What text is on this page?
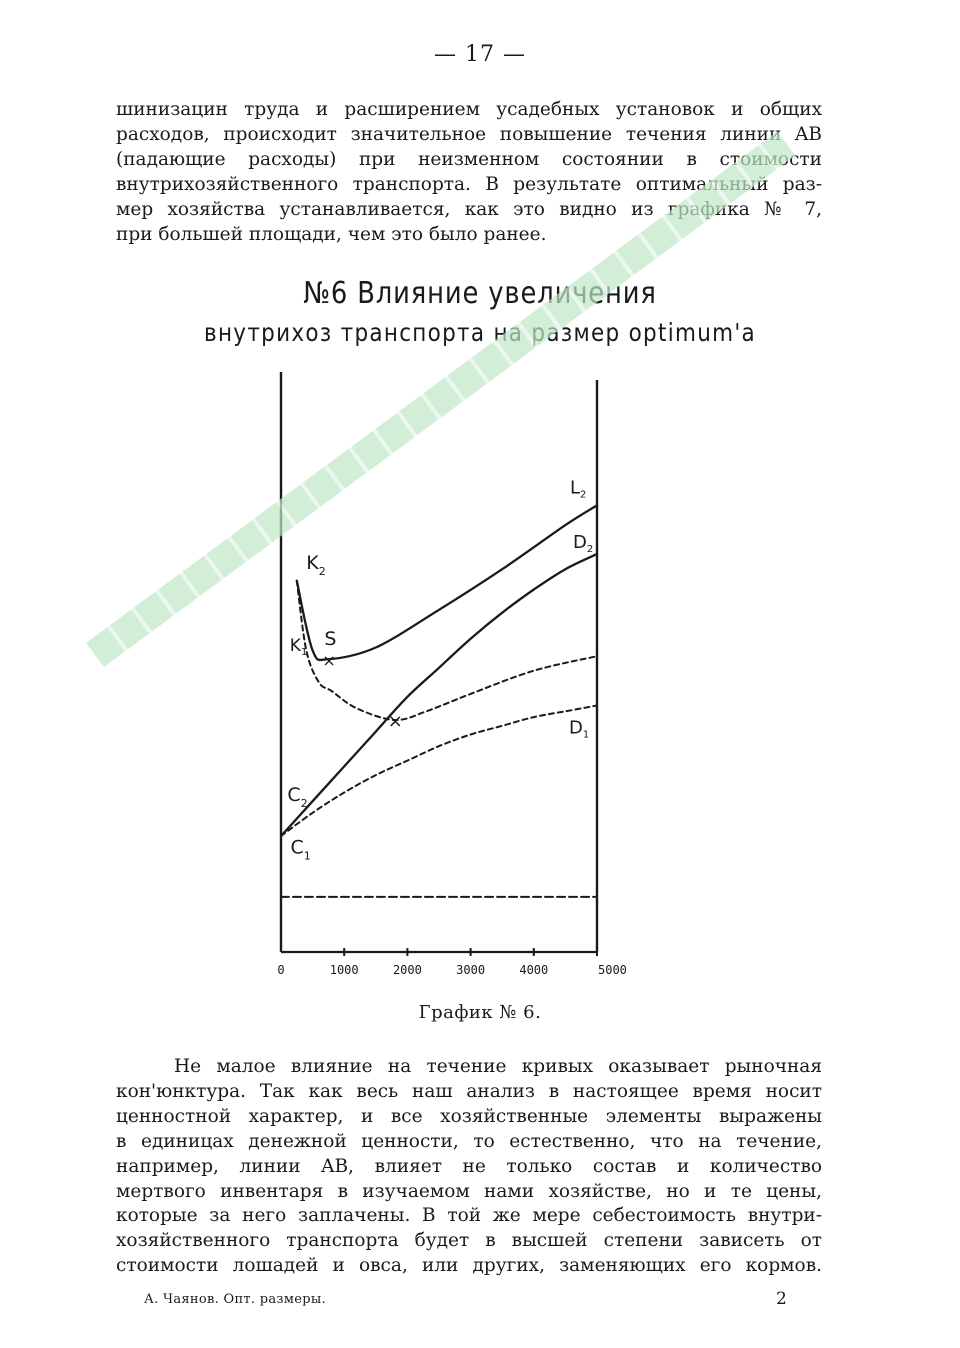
— 17 —
шинизацин труда и расширением усадебных установок и общих
расходов, происходит значительное повышение течения линии AB
(падающие расходы) при неизменном состоянии в стоимости
внутрихозяйственного транспорта. В результате оптимальный раз-
мер хозяйства устанавливается, как это видно из графика № 7,
при большей площади, чем это было ранее.
№6 Влияние увеличения
внутрихоз транспорта на размер optimum'a
0	1000	2000	3000	4000	5000
$L_2$
$D_2$
$D_1$
$K_1$ ×
S
×
$K_2$
$C_2$
$C_1$
График № 6.
Не малое влияние на течение кривых оказывает рыночная
кон'юнктура. Так как весь наш анализ в настоящее время носит
ценностной характер, и все хозяйственные элементы выражены
в единицах денежной ценности, то естественно, что на течение,
например, линии AB, влияет не только состав и количество
мертвого инвентаря в изучаемом нами хозяйстве, но и те цены,
которые за него заплачены. В той же мере себестоимость внутри-
хозяйственного транспорта будет в высшей степени зависеть от
стоимости лошадей и овса, или других, заменяющих его кормов.
А. Чаянов. Опт. размеры.	2
